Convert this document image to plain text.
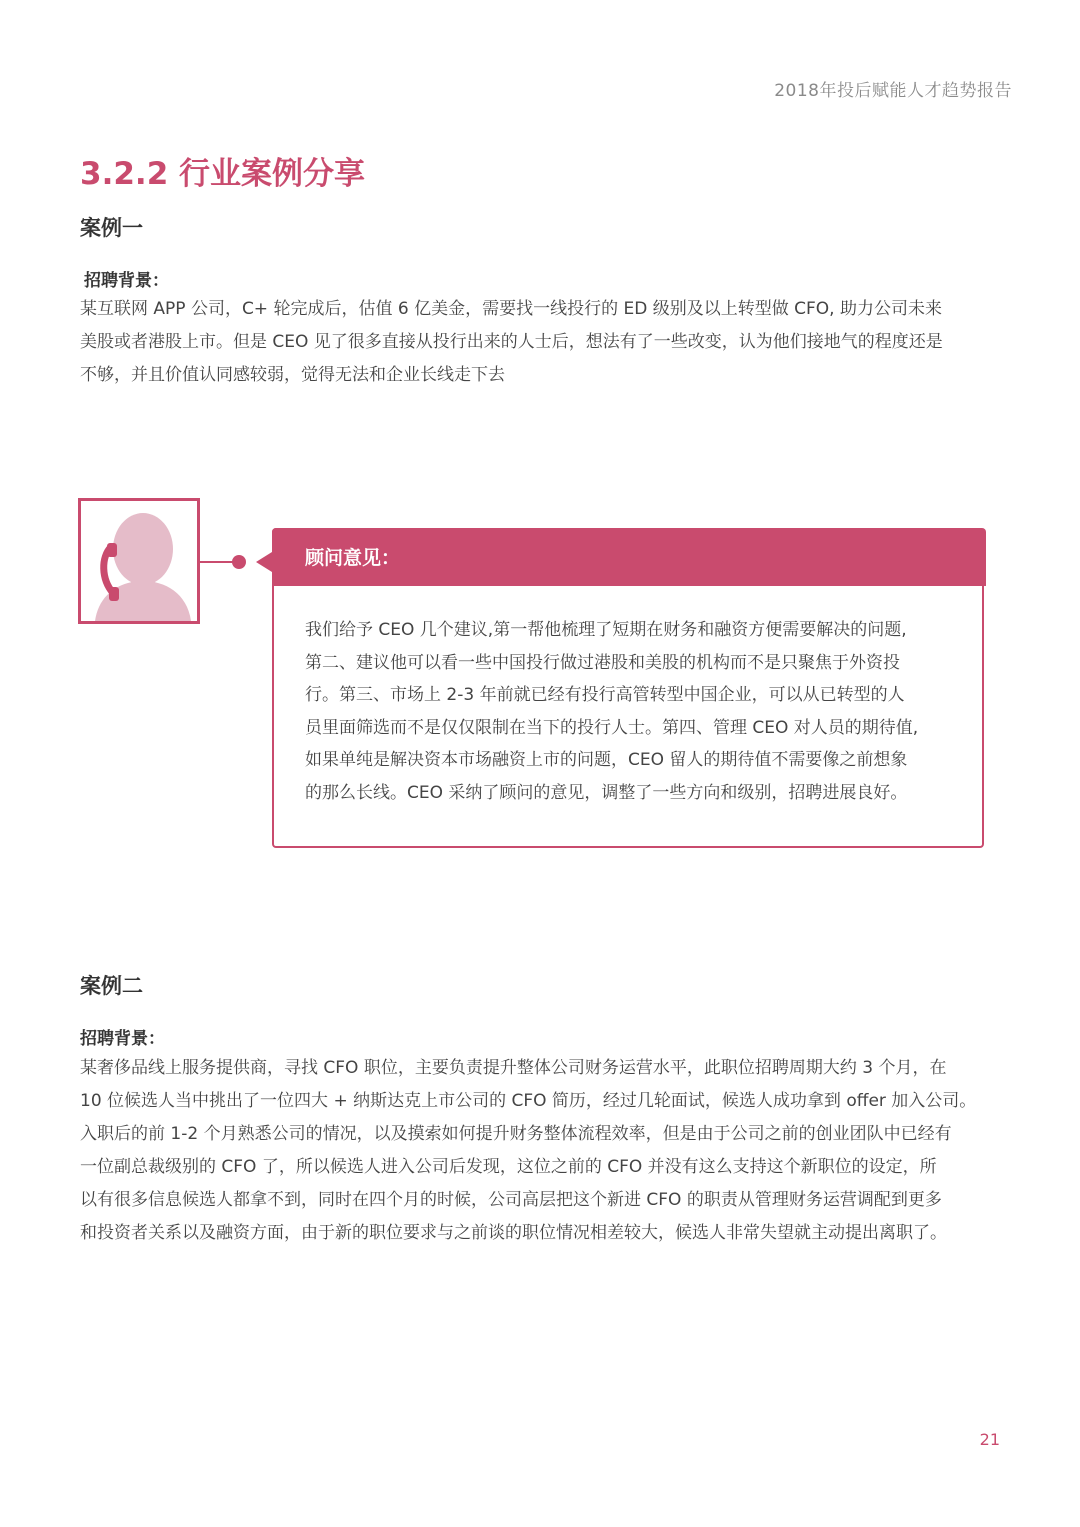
2018年投后赋能人才趋势报告
3.2.2 行业案例分享
案例一
招聘背景：
某互联网 APP 公司，C+ 轮完成后，估值 6 亿美金，需要找一线投行的 ED 级别及以上转型做 CFO, 助力公司未来
美股或者港股上市。但是 CEO 见了很多直接从投行出来的人士后，想法有了一些改变，认为他们接地气的程度还是
不够，并且价值认同感较弱，觉得无法和企业长线走下去
顾问意见：
我们给予 CEO 几个建议,第一帮他梳理了短期在财务和融资方便需要解决的问题,
第二、建议他可以看一些中国投行做过港股和美股的机构而不是只聚焦于外资投
行。第三、市场上 2-3 年前就已经有投行高管转型中国企业，可以从已转型的人
员里面筛选而不是仅仅限制在当下的投行人士。第四、管理 CEO 对人员的期待值,
如果单纯是解决资本市场融资上市的问题，CEO 留人的期待值不需要像之前想象
的那么长线。CEO 采纳了顾问的意见，调整了一些方向和级别，招聘进展良好。
案例二
招聘背景：
某奢侈品线上服务提供商，寻找 CFO 职位，主要负责提升整体公司财务运营水平，此职位招聘周期大约 3 个月，在
10 位候选人当中挑出了一位四大 + 纳斯达克上市公司的 CFO 简历，经过几轮面试，候选人成功拿到 offer 加入公司。
入职后的前 1-2 个月熟悉公司的情况，以及摸索如何提升财务整体流程效率，但是由于公司之前的创业团队中已经有
一位副总裁级别的 CFO 了，所以候选人进入公司后发现，这位之前的 CFO 并没有这么支持这个新职位的设定，所
以有很多信息候选人都拿不到，同时在四个月的时候，公司高层把这个新进 CFO 的职责从管理财务运营调配到更多
和投资者关系以及融资方面，由于新的职位要求与之前谈的职位情况相差较大，候选人非常失望就主动提出离职了。
21
